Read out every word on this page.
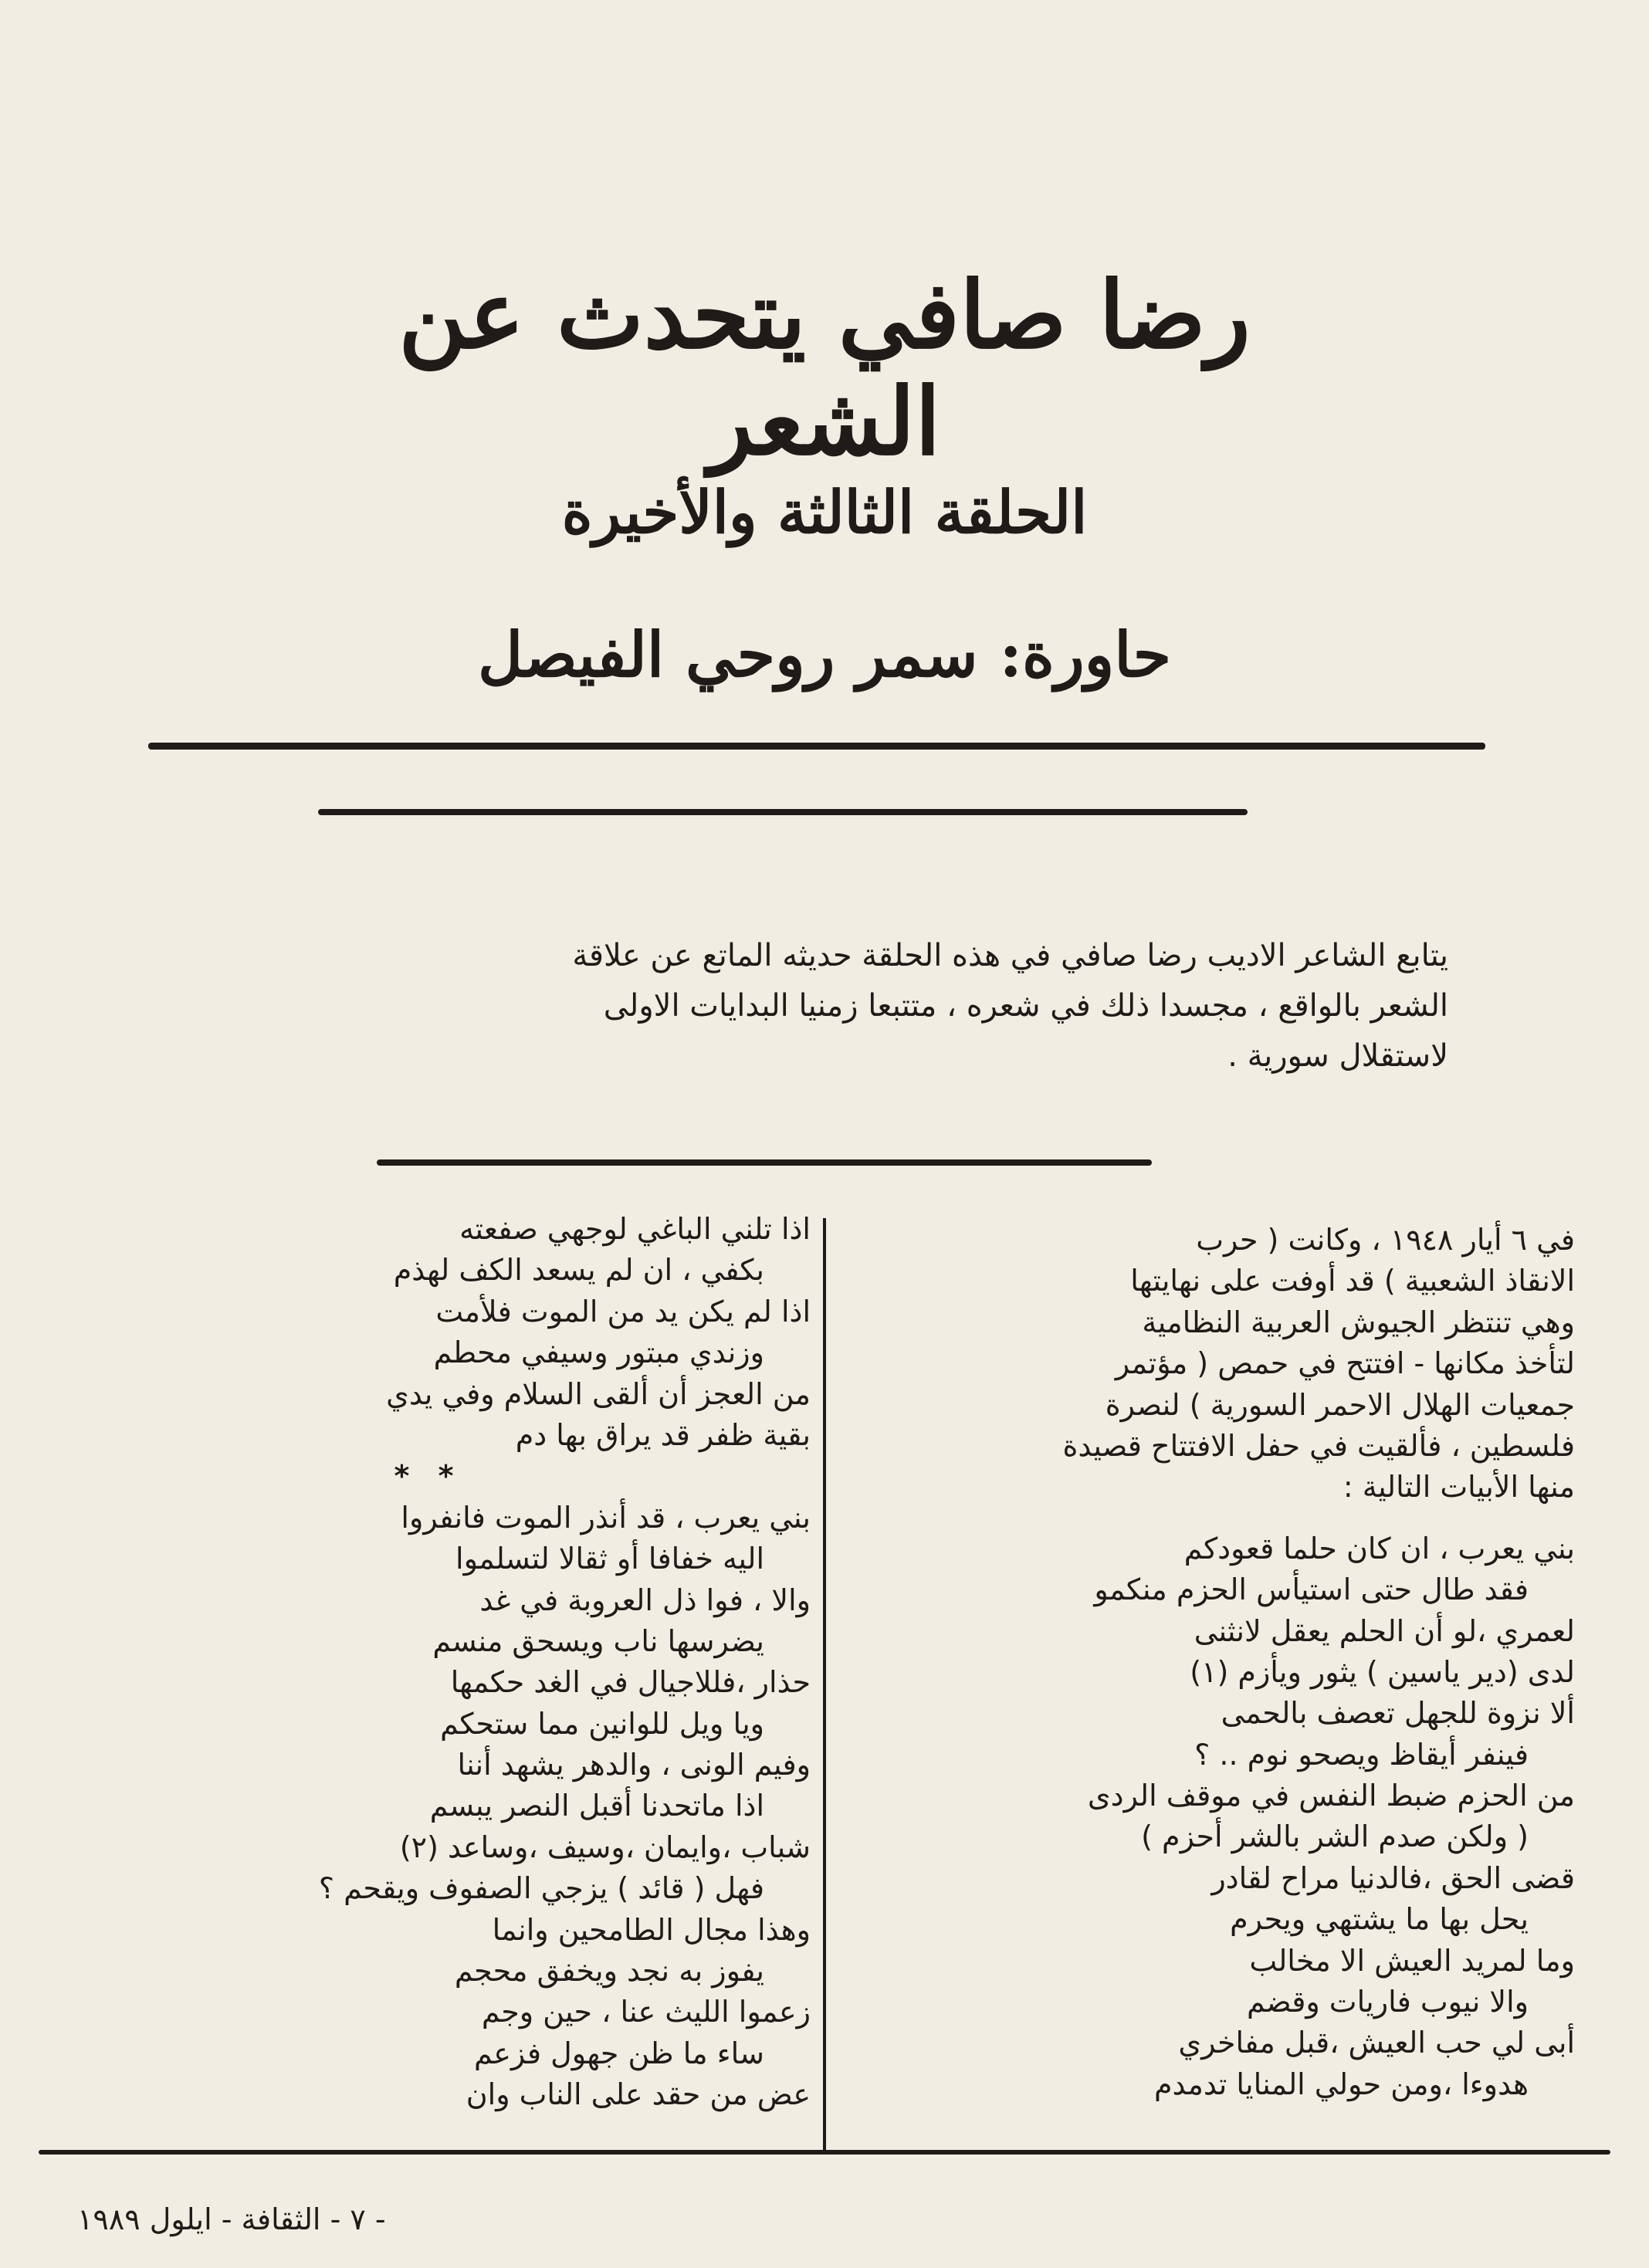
رضا صافي يتحدث عن الشعر
الحلقة الثالثة والأخيرة
حاورة: سمر روحي الفيصل

يتابع الشاعر الاديب رضا صافي في هذه الحلقة حديثه الماتع عن علاقة

الشعر بالواقع ، مجسدا ذلك في شعره ، متتبعا زمنيا البدايات الاولى

لاستقلال سورية .

في ٦ أيار ١٩٤٨ ، وكانت ( حرب
الانقاذ الشعبية ) قد أوفت على نهايتها
وهي تنتظر الجيوش العربية النظامية
لتأخذ مكانها - افتتح في حمص ( مؤتمر
جمعيات الهلال الاحمر السورية ) لنصرة
فلسطين ، فألقيت في حفل الافتتاح قصيدة
منها الأبيات التالية :
بني يعرب ، ان كان حلما قعودكم
فقد طال حتى استيأس الحزم منكمو
لعمري ،لو أن الحلم يعقل لانثنى
لدى (دير ياسين ) يثور ويأزم (١)
ألا نزوة للجهل تعصف بالحمى
فينفر أيقاظ ويصحو نوم .. ؟
من الحزم ضبط النفس في موقف الردى
( ولكن صدم الشر بالشر أحزم )
قضى الحق ،فالدنيا مراح لقادر
يحل بها ما يشتهي ويحرم
وما لمريد العيش الا مخالب
والا نيوب فاريات وقضم
أبى لي حب العيش ،قبل مفاخري
هدوءا ،ومن حولي المنايا تدمدم
اذا تلني الباغي لوجهي صفعته
بكفي ، ان لم يسعد الكف لهذم
اذا لم يكن يد من الموت فلأمت
وزندي مبتور وسيفي محطم
من العجز أن ألقى السلام وفي يدي
بقية ظفر قد يراق بها دم
* *
بني يعرب ، قد أنذر الموت فانفروا
اليه خفافا أو ثقالا لتسلموا
والا ، فوا ذل العروبة في غد
يضرسها ناب ويسحق منسم
حذار ،فللاجيال في الغد حكمها
ويا ويل للوانين مما ستحكم
وفيم الونى ، والدهر يشهد أننا
اذا ماتحدنا أقبل النصر يبسم
شباب ،وايمان ،وسيف ،وساعد (٢)
فهل ( قائد ) يزجي الصفوف ويقحم ؟
وهذا مجال الطامحين وانما
يفوز به نجد ويخفق محجم
زعموا الليث عنا ، حين وجم
ساء ما ظن جهول فزعم
عض من حقد على الناب وان
- ٧ - الثقافة - ايلول ١٩٨٩
